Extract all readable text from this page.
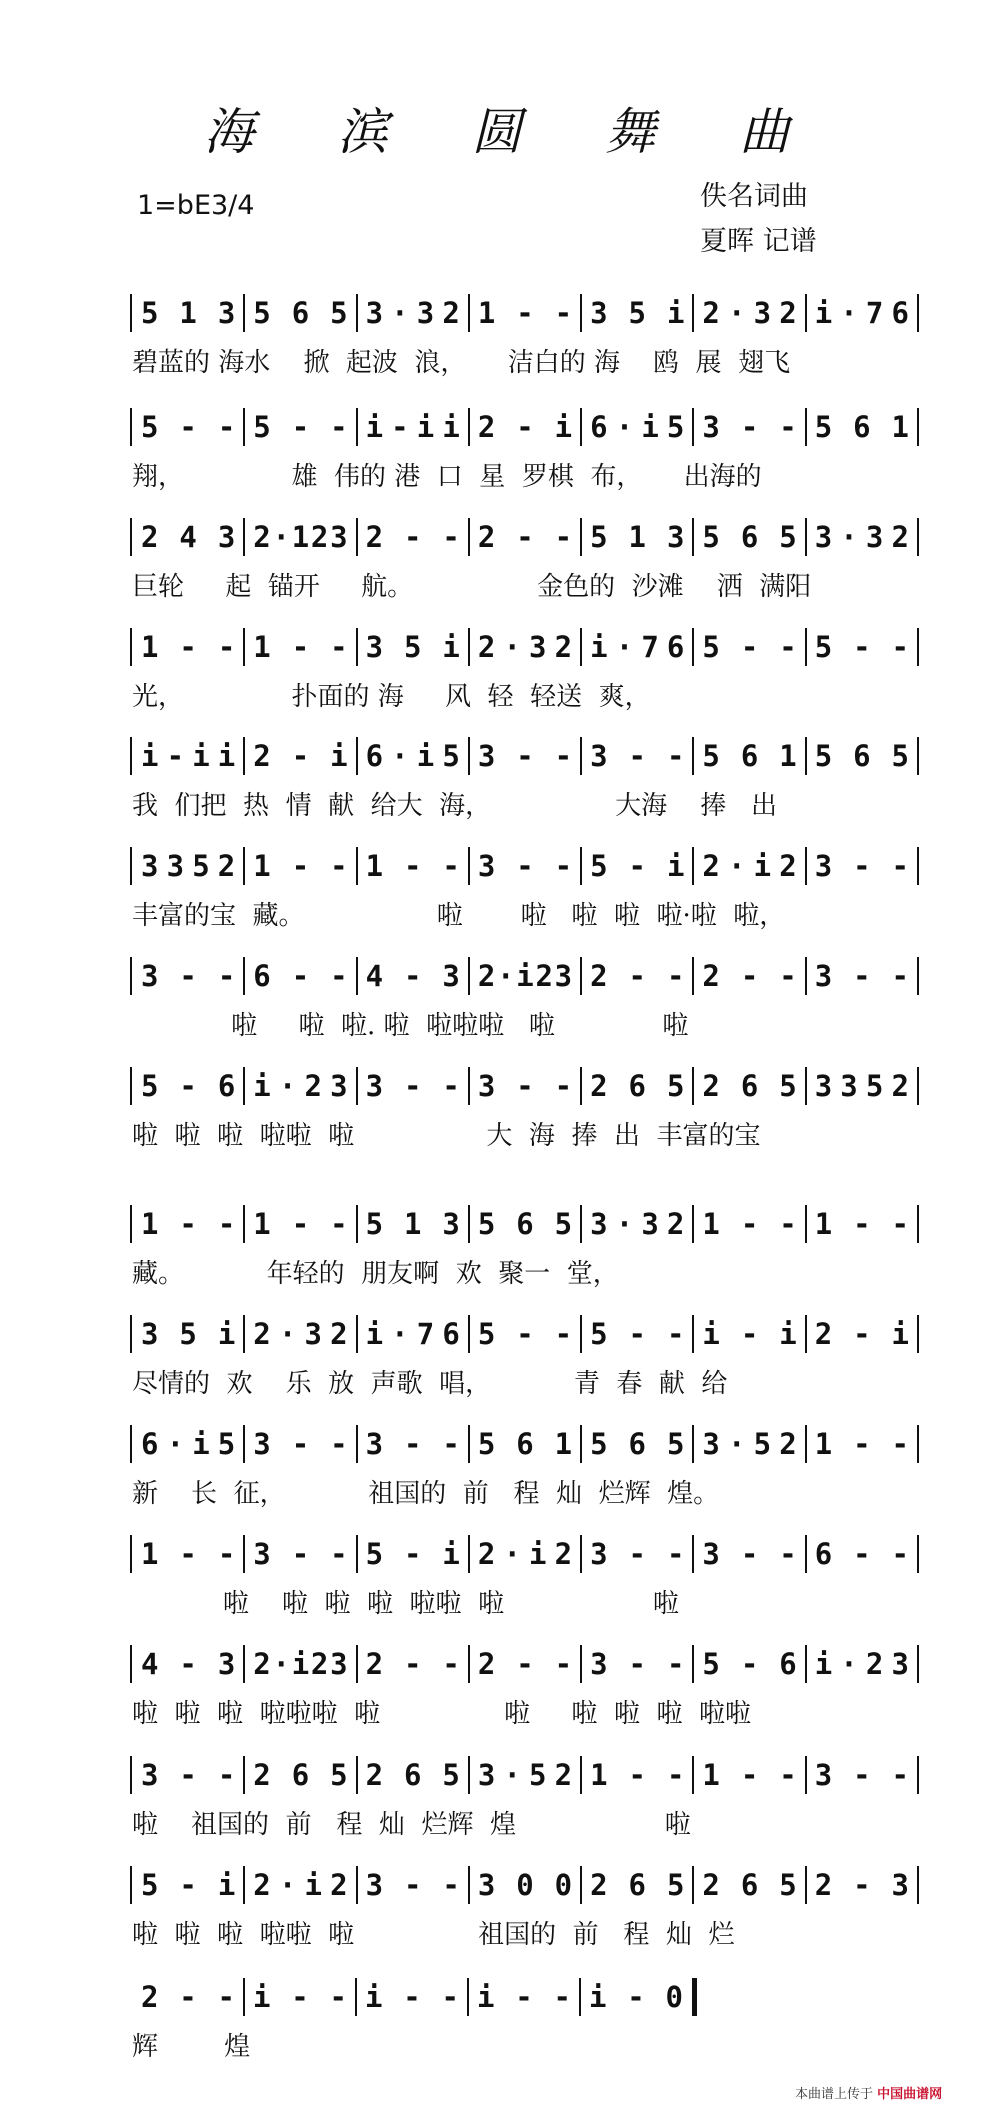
海 滨 圆 舞 曲
1=bE3/4	佚名词曲
夏晖 记谱
5 1 3 5 6 5 3 · 3 2 1 - - 3 5 i 2 · 3 2 i · 7 6
碧蓝的 海水    掀  起波  浪，     洁白的 海    鸥  展  翅飞
5 - - 5 - - i - i i 2 - i 6 · i 5 3 - - 5 6 1
翔，             雄  伟的 港  口  星  罗棋  布，     出海的
2 4 3 2 · 1 2 3 2 - - 2 - - 5 1 3 5 6 5 3 · 3 2
巨轮     起  锚开     航。               金色的  沙滩    洒  满阳
1 - - 1 - - 3 5 i 2 · 3 2 i · 7 6 5 - - 5 - -
光，             扑面的 海     风  轻  轻送  爽，
i - i i 2 - i 6 · i 5 3 - - 3 - - 5 6 1 5 6 5
我  们把  热  情  献  给大  海，               大海    捧   出
3 3 5 2 1 - - 1 - - 3 - - 5 - i 2 · i 2 3 - -
丰富的宝  藏。                啦       啦   啦  啦  啦·啦  啦，
3 - - 6 - - 4 - 3 2 · i 2 3 2 - - 2 - - 3 - -
啦     啦  啦. 啦  啦啦啦   啦             啦
5 - 6 i · 2 3 3 - - 3 - - 2 6 5 2 6 5 3 3 5 2
啦  啦  啦  啦啦  啦                大  海  捧  出  丰富的宝
1 - - 1 - - 5 1 3 5 6 5 3 · 3 2 1 - - 1 - -
藏。          年轻的  朋友啊  欢  聚一  堂，
3 5 i 2 · 3 2 i · 7 6 5 - - 5 - - i - i 2 - i
尽情的  欢    乐  放  声歌  唱，          青  春  献  给
6 · i 5 3 - - 3 - - 5 6 1 5 6 5 3 · 5 2 1 - -
新    长  征，          祖国的  前   程  灿  烂辉  煌。
1 - - 3 - - 5 - i 2 · i 2 3 - - 3 - - 6 - -
啦    啦  啦  啦  啦啦  啦                  啦
4 - 3 2 · i 2 3 2 - - 2 - - 3 - - 5 - 6 i · 2 3
啦  啦  啦  啦啦啦  啦               啦     啦  啦  啦  啦啦
3 - - 2 6 5 2 6 5 3 · 5 2 1 - - 1 - - 3 - -
啦    祖国的  前   程  灿  烂辉  煌                  啦
5 - i 2 · i 2 3 - - 3 0 0 2 6 5 2 6 5 2 - 3
啦  啦  啦  啦啦  啦               祖国的  前   程  灿  烂
2 - - i - - i - - i - - i - 0
辉        煌
本曲谱上传于 中国曲谱网
